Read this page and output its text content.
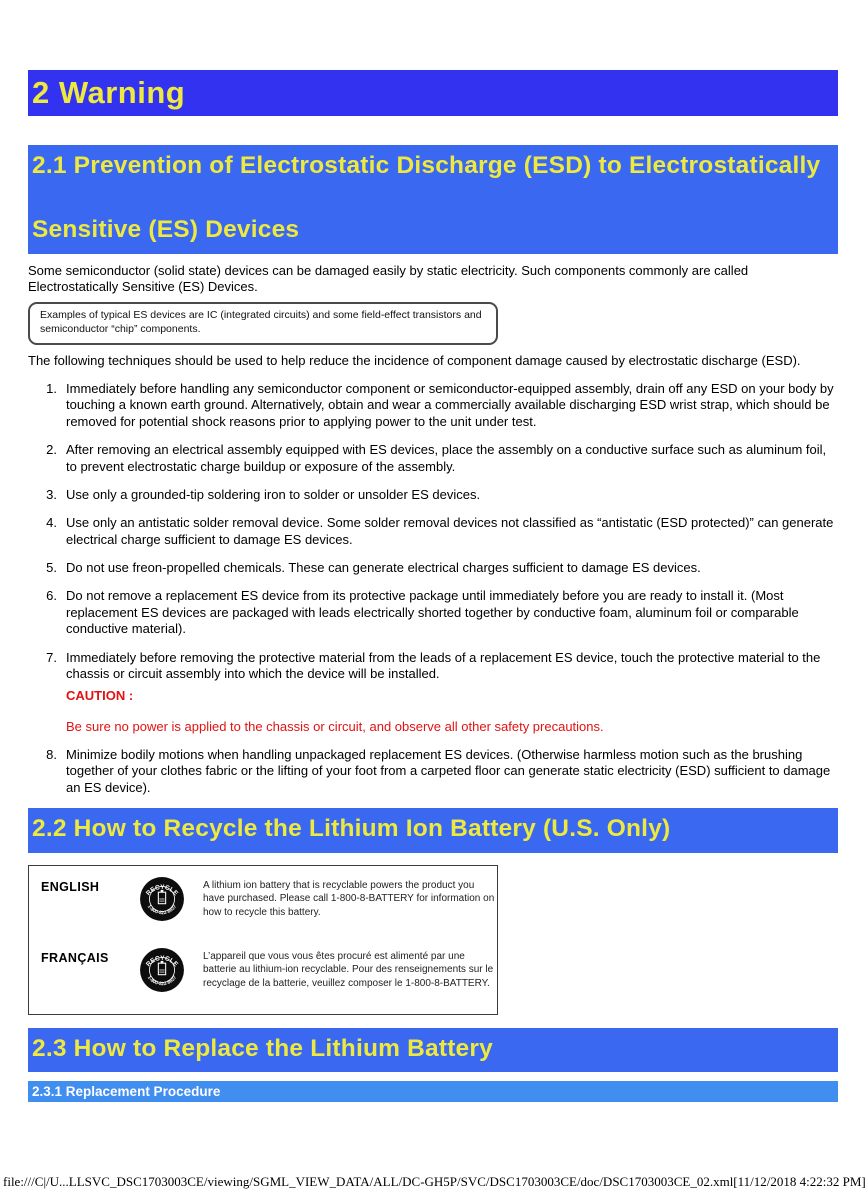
2 Warning
2.1 Prevention of Electrostatic Discharge (ESD) to Electrostatically
Sensitive (ES) Devices
Some semiconductor (solid state) devices can be damaged easily by static electricity. Such components commonly are called Electrostatically Sensitive (ES) Devices.
Examples of typical ES devices are IC (integrated circuits) and some field-effect transistors and
semiconductor “chip” components.
The following techniques should be used to help reduce the incidence of component damage caused by electrostatic discharge (ESD).
1. Immediately before handling any semiconductor component or semiconductor-equipped assembly, drain off any ESD on your body by touching a known earth ground. Alternatively, obtain and wear a commercially available discharging ESD wrist strap, which should be removed for potential shock reasons prior to applying power to the unit under test.
2. After removing an electrical assembly equipped with ES devices, place the assembly on a conductive surface such as aluminum foil, to prevent electrostatic charge buildup or exposure of the assembly.
3. Use only a grounded-tip soldering iron to solder or unsolder ES devices.
4. Use only an antistatic solder removal device. Some solder removal devices not classified as “antistatic (ESD protected)” can generate electrical charge sufficient to damage ES devices.
5. Do not use freon-propelled chemicals. These can generate electrical charges sufficient to damage ES devices.
6. Do not remove a replacement ES device from its protective package until immediately before you are ready to install it. (Most replacement ES devices are packaged with leads electrically shorted together by conductive foam, aluminum foil or comparable conductive material).
7. Immediately before removing the protective material from the leads of a replacement ES device, touch the protective material to the chassis or circuit assembly into which the device will be installed.
CAUTION :
Be sure no power is applied to the chassis or circuit, and observe all other safety precautions.
8. Minimize bodily motions when handling unpackaged replacement ES devices. (Otherwise harmless motion such as the brushing together of your clothes fabric or the lifting of your foot from a carpeted floor can generate static electricity (ESD) sufficient to damage an ES device).
2.2 How to Recycle the Lithium Ion Battery (U.S. Only)
ENGLISH	A lithium ion battery that is recyclable powers the product you have purchased. Please call 1-800-8-BATTERY for information on how to recycle this battery.
FRANÇAIS	L’appareil que vous vous êtes procuré est alimenté par une batterie au lithium-ion recyclable. Pour des renseignements sur le recyclage de la batterie, veuillez composer le 1-800-8-BATTERY.
2.3 How to Replace the Lithium Battery
2.3.1 Replacement Procedure
file:///C|/U...LLSVC_DSC1703003CE/viewing/SGML_VIEW_DATA/ALL/DC-GH5P/SVC/DSC1703003CE/doc/DSC1703003CE_02.xml[11/12/2018 4:22:32 PM]
